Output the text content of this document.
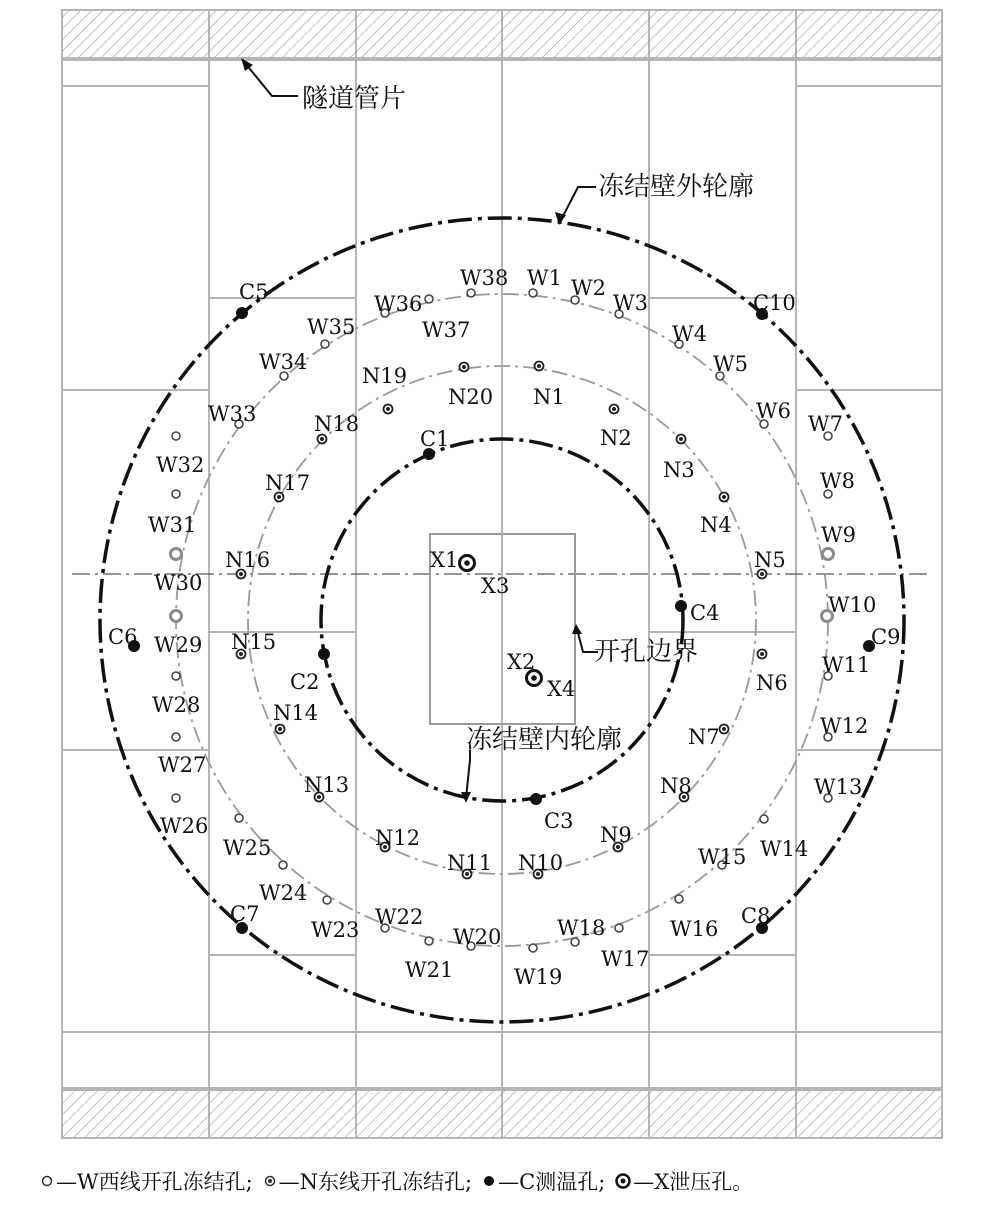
隧道管片
冻结壁外轮廓
开孔边界
冻结壁内轮廓
W1 W2
W3
W4
W5
W6
W7
W8
W9
W10
W11
W12
W13
W14
W15
W16
W17
W18
W19
W20
W21
W22
W23
W24
W25
W26
W27
W28
W29
W30
W31
W32
W33
W34
W35
W36
W37
W38
N1
N2
N3
N4
N5
N6
N7
N8
N9
N10
N11
N12
N13
N14
N15
N16
N17
N18
N19
N20
C1
C2
C3
C4
C5
C6
C7	C8
C9
C10
X1
X2
X3
X4
—W西线开孔冻结孔; —N东线开孔冻结孔; —C测温孔; —X泄压孔。
